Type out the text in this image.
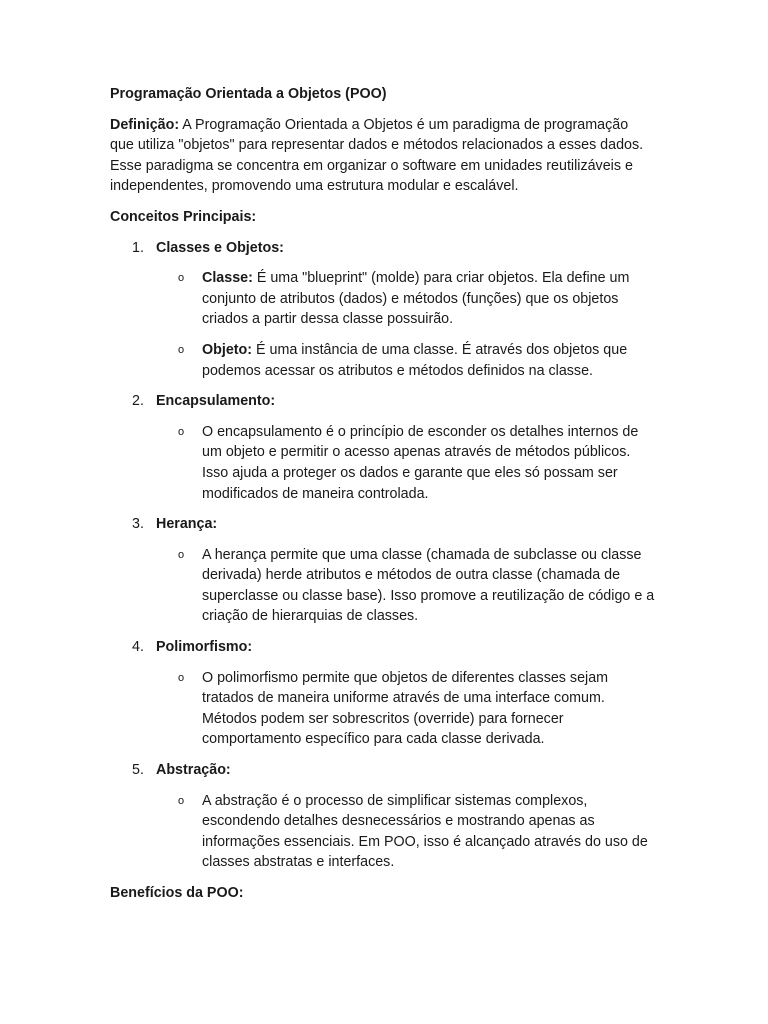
Programação Orientada a Objetos (POO)
Definição: A Programação Orientada a Objetos é um paradigma de programação que utiliza "objetos" para representar dados e métodos relacionados a esses dados. Esse paradigma se concentra em organizar o software em unidades reutilizáveis e independentes, promovendo uma estrutura modular e escalável.
Conceitos Principais:
1. Classes e Objetos:
o Classe: É uma "blueprint" (molde) para criar objetos. Ela define um conjunto de atributos (dados) e métodos (funções) que os objetos criados a partir dessa classe possuirão.
o Objeto: É uma instância de uma classe. É através dos objetos que podemos acessar os atributos e métodos definidos na classe.
2. Encapsulamento:
o O encapsulamento é o princípio de esconder os detalhes internos de um objeto e permitir o acesso apenas através de métodos públicos. Isso ajuda a proteger os dados e garante que eles só possam ser modificados de maneira controlada.
3. Herança:
o A herança permite que uma classe (chamada de subclasse ou classe derivada) herde atributos e métodos de outra classe (chamada de superclasse ou classe base). Isso promove a reutilização de código e a criação de hierarquias de classes.
4. Polimorfismo:
o O polimorfismo permite que objetos de diferentes classes sejam tratados de maneira uniforme através de uma interface comum. Métodos podem ser sobrescritos (override) para fornecer comportamento específico para cada classe derivada.
5. Abstração:
o A abstração é o processo de simplificar sistemas complexos, escondendo detalhes desnecessários e mostrando apenas as informações essenciais. Em POO, isso é alcançado através do uso de classes abstratas e interfaces.
Benefícios da POO:
